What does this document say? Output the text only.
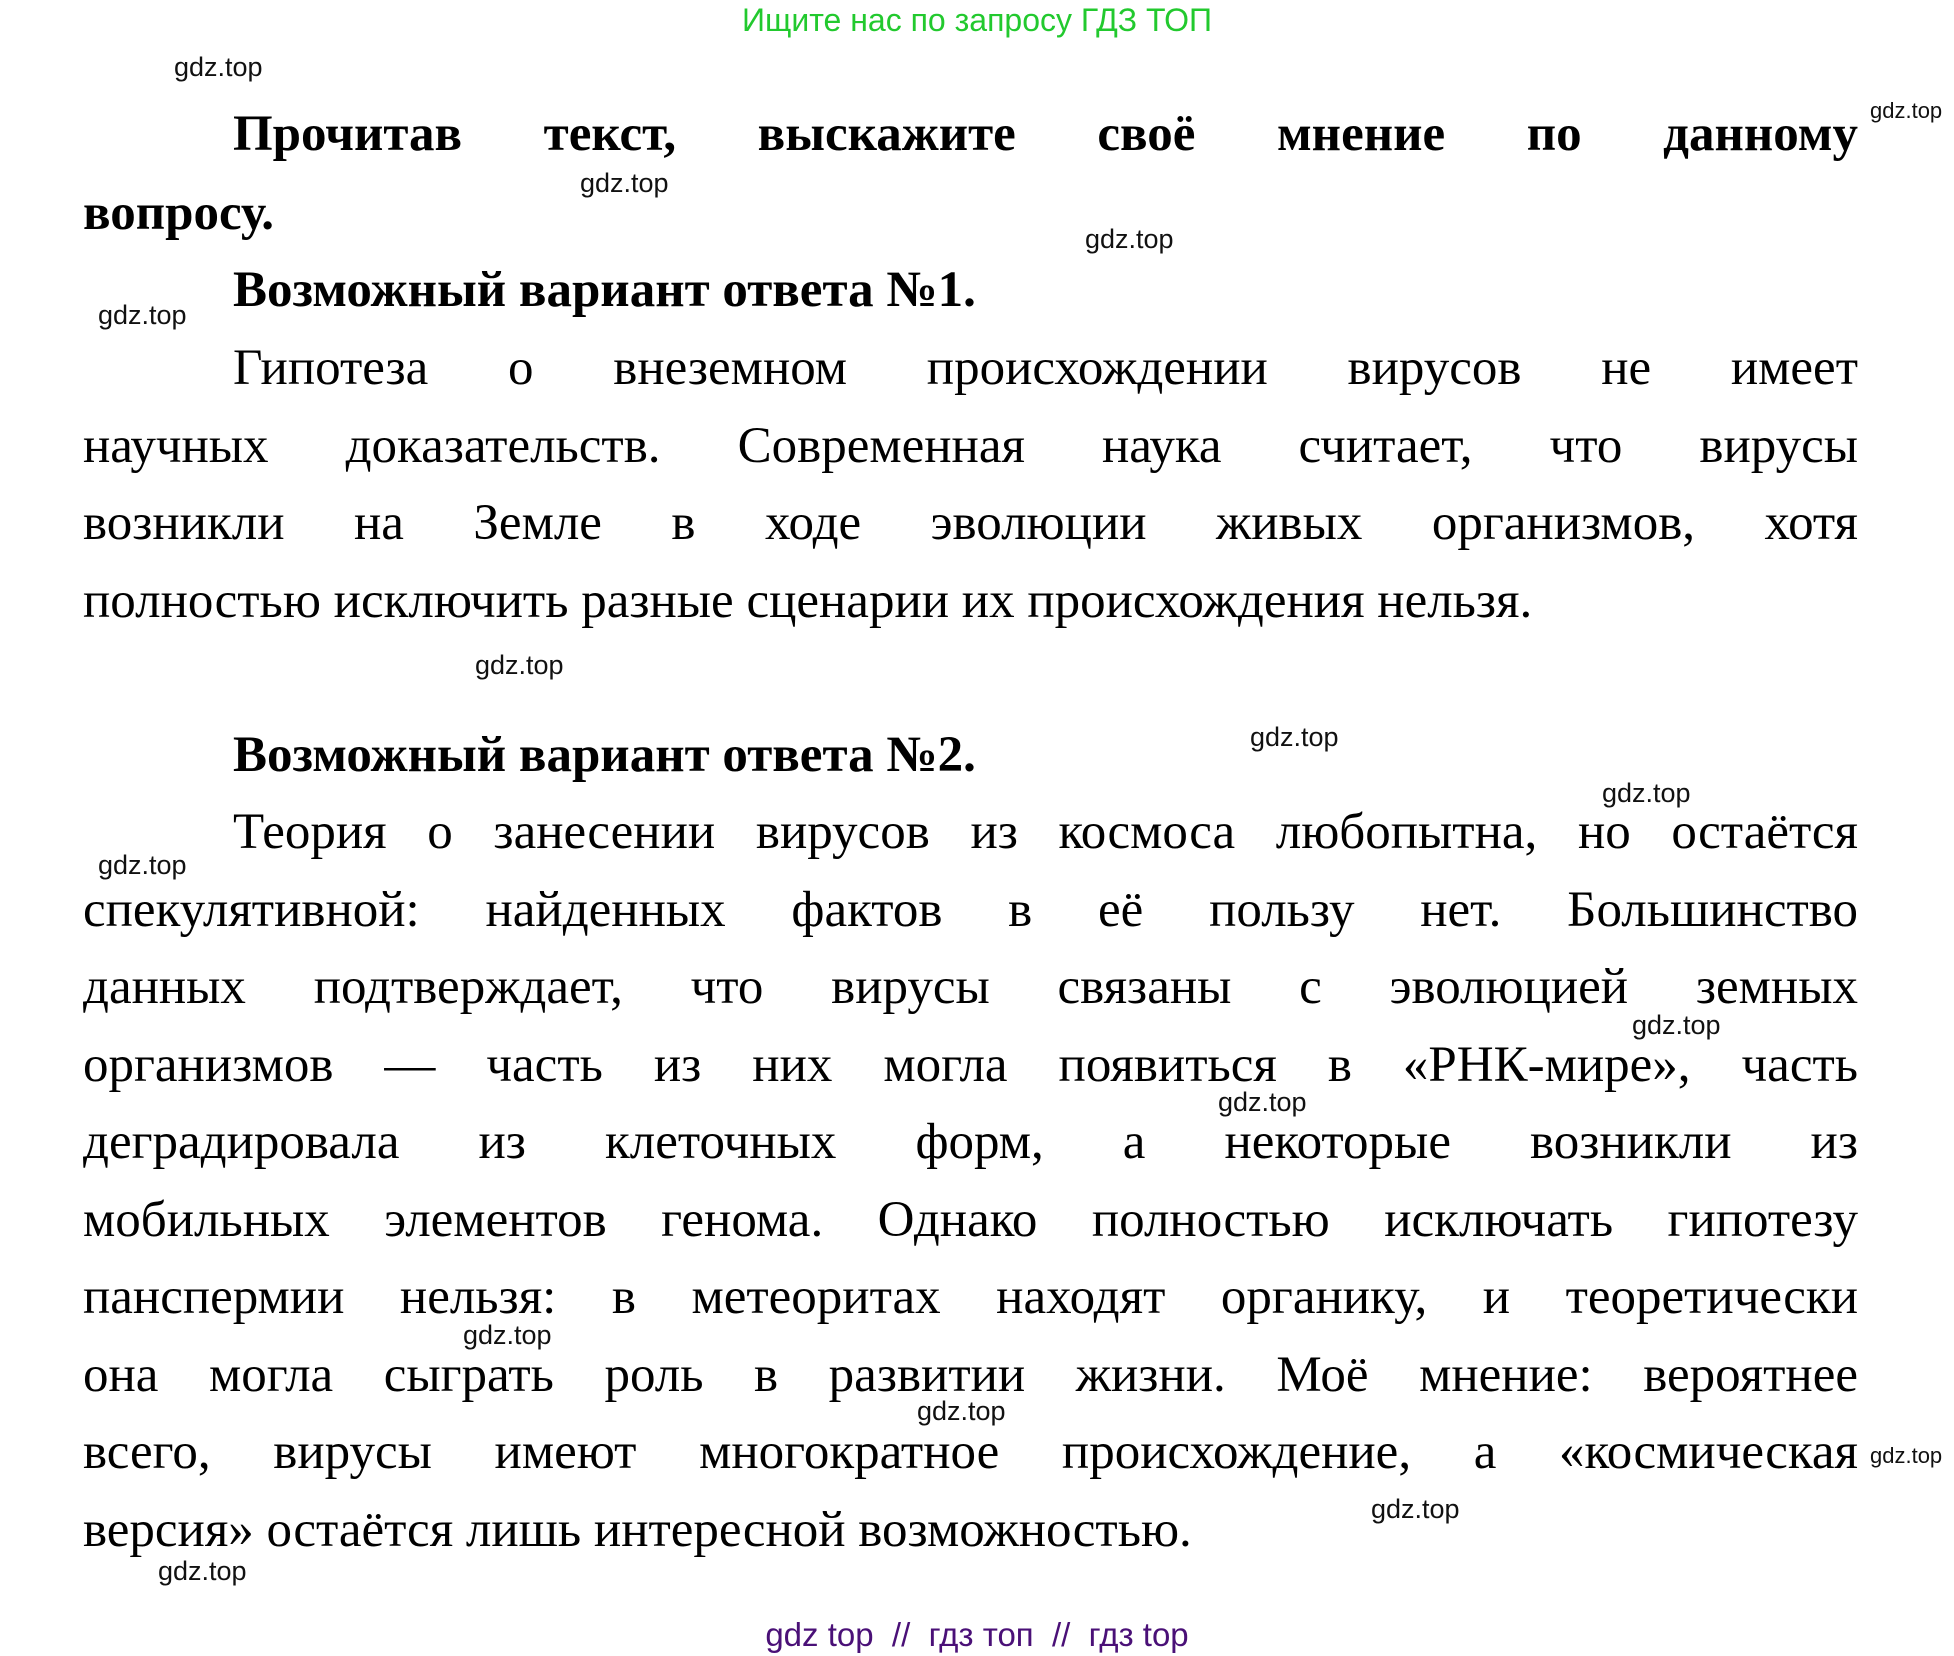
Ищите нас по запросу ГДЗ ТОП
Прочитав текст, выскажите своё мнение по данному
вопросу.
Возможный вариант ответа №1.
Гипотеза о внеземном происхождении вирусов не имеет
научных доказательств. Современная наука считает, что вирусы
возникли на Земле в ходе эволюции живых организмов, хотя
полностью исключить разные сценарии их происхождения нельзя.
Возможный вариант ответа №2.
Теория о занесении вирусов из космоса любопытна, но остаётся
спекулятивной: найденных фактов в её пользу нет. Большинство
данных подтверждает, что вирусы связаны с эволюцией земных
организмов — часть из них могла появиться в «РНК-мире», часть
деградировала из клеточных форм, а некоторые возникли из
мобильных элементов генома. Однако полностью исключать гипотезу
панспермии нельзя: в метеоритах находят органику, и теоретически
она могла сыграть роль в развитии жизни. Моё мнение: вероятнее
всего, вирусы имеют многократное происхождение, а «космическая
версия» остаётся лишь интересной возможностью.
gdz.top
gdz.top
gdz.top
gdz.top
gdz.top
gdz.top
gdz.top
gdz.top
gdz.top
gdz.top
gdz.top
gdz.top
gdz.top
gdz.top
gdz.top
gdz.top
gdz top  //  гдз топ  //  гдз top
